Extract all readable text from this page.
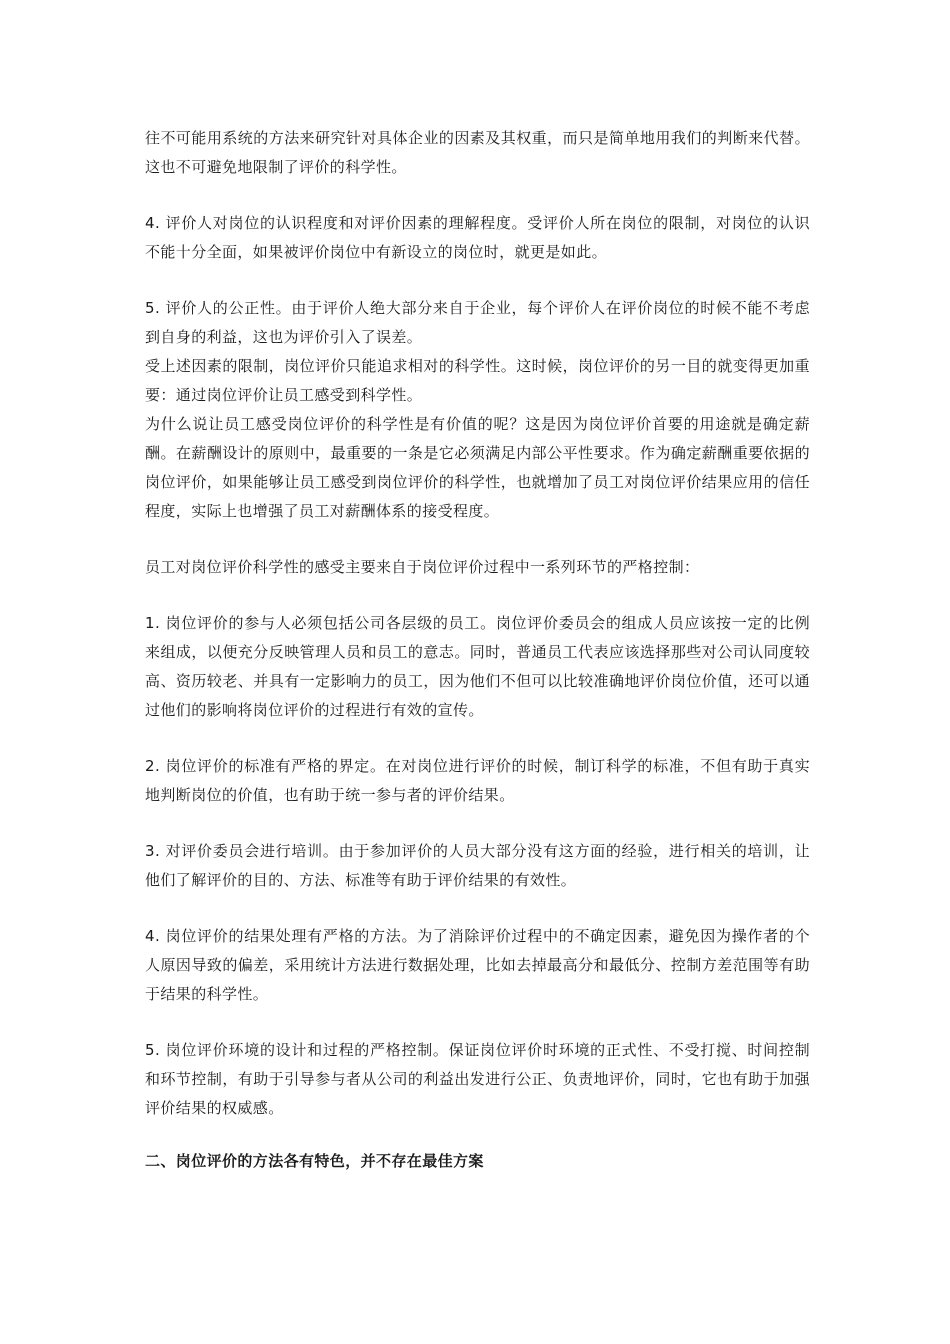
往不可能用系统的方法来研究针对具体企业的因素及其权重，而只是简单地用我们的判断来代替。这也不可避免地限制了评价的科学性。

4. 评价人对岗位的认识程度和对评价因素的理解程度。受评价人所在岗位的限制，对岗位的认识不能十分全面，如果被评价岗位中有新设立的岗位时，就更是如此。

5. 评价人的公正性。由于评价人绝大部分来自于企业，每个评价人在评价岗位的时候不能不考虑到自身的利益，这也为评价引入了误差。

受上述因素的限制，岗位评价只能追求相对的科学性。这时候，岗位评价的另一目的就变得更加重要：通过岗位评价让员工感受到科学性。

为什么说让员工感受岗位评价的科学性是有价值的呢？这是因为岗位评价首要的用途就是确定薪酬。在薪酬设计的原则中，最重要的一条是它必须满足内部公平性要求。作为确定薪酬重要依据的岗位评价，如果能够让员工感受到岗位评价的科学性，也就增加了员工对岗位评价结果应用的信任程度，实际上也增强了员工对薪酬体系的接受程度。

员工对岗位评价科学性的感受主要来自于岗位评价过程中一系列环节的严格控制：

1. 岗位评价的参与人必须包括公司各层级的员工。岗位评价委员会的组成人员应该按一定的比例来组成，以便充分反映管理人员和员工的意志。同时，普通员工代表应该选择那些对公司认同度较高、资历较老、并具有一定影响力的员工，因为他们不但可以比较准确地评价岗位价值，还可以通过他们的影响将岗位评价的过程进行有效的宣传。

2. 岗位评价的标准有严格的界定。在对岗位进行评价的时候，制订科学的标准，不但有助于真实地判断岗位的价值，也有助于统一参与者的评价结果。

3. 对评价委员会进行培训。由于参加评价的人员大部分没有这方面的经验，进行相关的培训，让他们了解评价的目的、方法、标准等有助于评价结果的有效性。

4. 岗位评价的结果处理有严格的方法。为了消除评价过程中的不确定因素，避免因为操作者的个人原因导致的偏差，采用统计方法进行数据处理，比如去掉最高分和最低分、控制方差范围等有助于结果的科学性。

5. 岗位评价环境的设计和过程的严格控制。保证岗位评价时环境的正式性、不受打搅、时间控制和环节控制，有助于引导参与者从公司的利益出发进行公正、负责地评价，同时，它也有助于加强评价结果的权威感。

二、岗位评价的方法各有特色，并不存在最佳方案
